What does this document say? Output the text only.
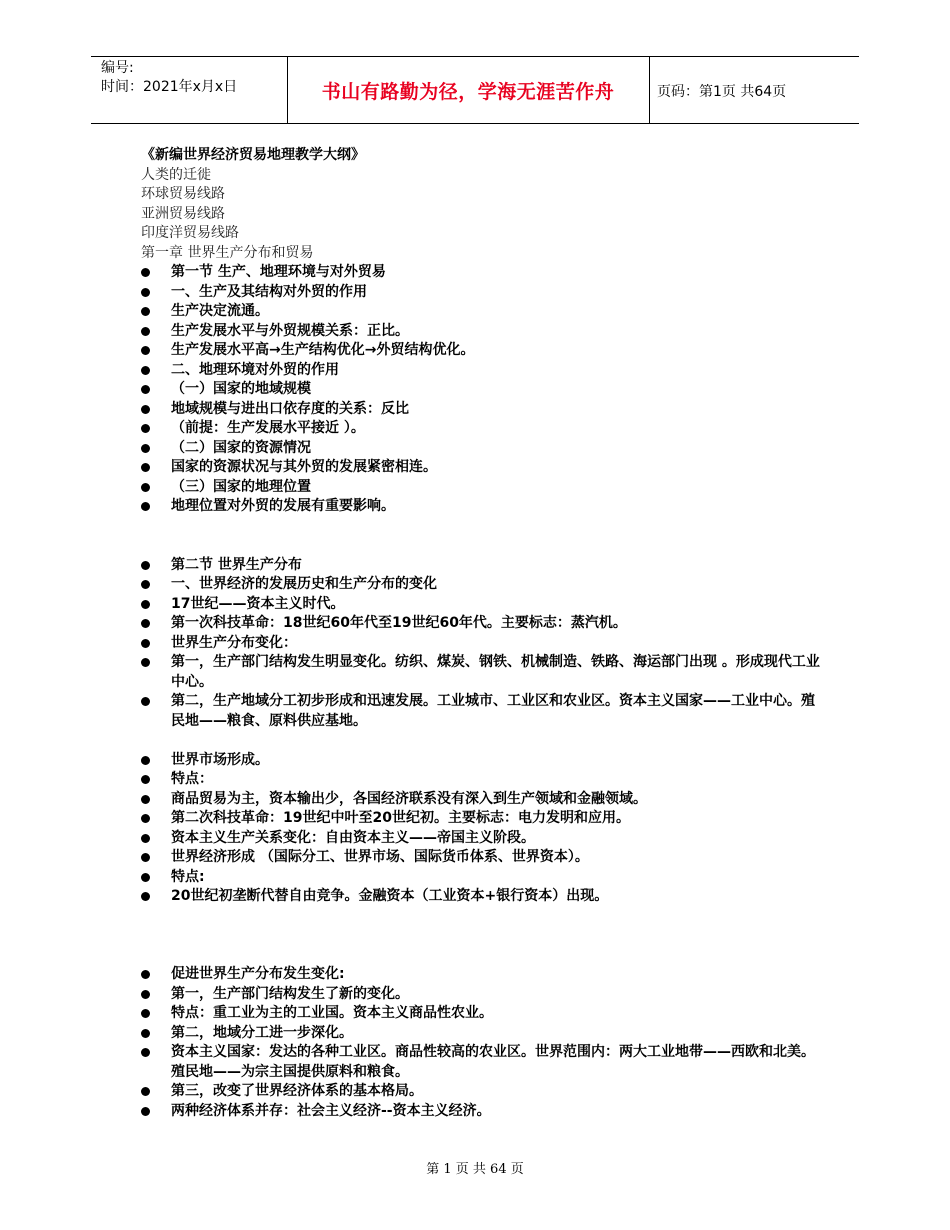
编号:
时间：2021年x月x日	书山有路勤为径，学海无涯苦作舟	页码：第1页 共64页
《新编世界经济贸易地理教学大纲》
人类的迁徙
环球贸易线路
亚洲贸易线路
印度洋贸易线路
第一章 世界生产分布和贸易
第一节 生产、地理环境与对外贸易
一、生产及其结构对外贸的作用
生产决定流通。
生产发展水平与外贸规模关系：正比。
生产发展水平高→生产结构优化→外贸结构优化。
二、地理环境对外贸的作用
（一）国家的地域规模
地域规模与进出口依存度的关系：反比
（前提：生产发展水平接近 ）。
（二）国家的资源情况
国家的资源状况与其外贸的发展紧密相连。
（三）国家的地理位置
地理位置对外贸的发展有重要影响。
第二节 世界生产分布
一、世界经济的发展历史和生产分布的变化
17世纪——资本主义时代。
第一次科技革命：18世纪60年代至19世纪60年代。主要标志：蒸汽机。
世界生产分布变化：
第一，生产部门结构发生明显变化。纺织、煤炭、钢铁、机械制造、铁路、海运部门出现 。形成现代工业中心。
第二，生产地域分工初步形成和迅速发展。工业城市、工业区和农业区。资本主义国家——工业中心。殖民地——粮食、原料供应基地。
世界市场形成。
特点：
商品贸易为主，资本输出少，各国经济联系没有深入到生产领域和金融领域。
第二次科技革命：19世纪中叶至20世纪初。主要标志：电力发明和应用。
资本主义生产关系变化：自由资本主义——帝国主义阶段。
世界经济形成 （国际分工、世界市场、国际货币体系、世界资本）。
特点:
20世纪初垄断代替自由竞争。金融资本（工业资本+银行资本）出现。
促进世界生产分布发生变化:
第一，生产部门结构发生了新的变化。
特点：重工业为主的工业国。资本主义商品性农业。
第二，地域分工进一步深化。
资本主义国家：发达的各种工业区。商品性较高的农业区。世界范围内：两大工业地带——西欧和北美。殖民地——为宗主国提供原料和粮食。
第三，改变了世界经济体系的基本格局。
两种经济体系并存：社会主义经济--资本主义经济。
第 1 页 共 64 页
